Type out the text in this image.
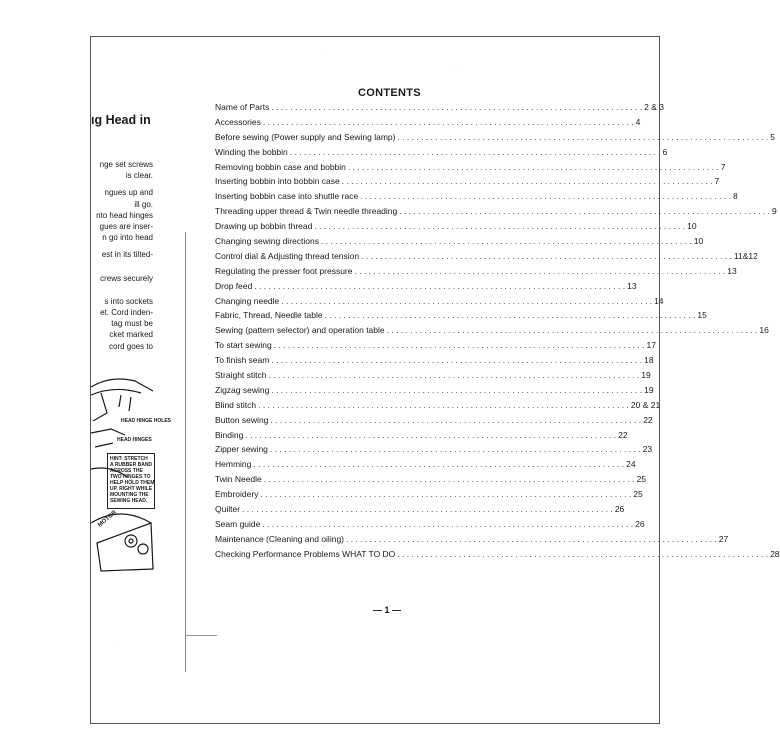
ıg Head in
nge set screws
is clear.
ngues up and
ill go.
nto head hinges
gues are inser-
n go into head
est in its tilted-
crews securely
s into sockets
et. Cord inden-
tag must be
cket marked
cord goes to
HEAD HINGE HOLES
HEAD HINGES
HINT: STRETCH
A RUBBER BAND
ACROSS THE
TWO HINGES TO
HELP HOLD THEM
UP. RIGHT WHILE
MOUNTING THE
SEWING HEAD.
MOTOR
CONTENTS
Name of Parts . . .	2 & 3
Accessories . . .	4
Before sewing (Power supply and Sewing lamp) . . .	5
Winding the bobbin . . .	6
Removing bobbin case and bobbin . . .	7
Inserting bobbin into bobbin case . . .	7
Inserting bobbin case into shuttle race . . .	8
Threading upper thread & Twin needle threading . . .	9
Drawing up bobbin thread . . .	10
Changing sewing directions . . .	10
Control dial & Adjusting thread tension . . .	11&12
Regulating the presser foot pressure . . .	13
Drop feed . . .	13
Changing needle . . .	14
Fabric, Thread, Needle table . . .	15
Sewing (pattern selector) and operation table . . .	16
To start sewing . . .	17
To finish seam . . .	18
Straight stitch . . .	19
Zigzag sewing . . .	19
Blind stitch . . .	20 & 21
Button sewing . . .	22
Binding . . .	22
Zipper sewing . . .	23
Hemming . . .	24
Twin Needle . . .	25
Embroidery . . .	25
Quilter . . .	26
Seam guide . . .	26
Maintenance (Cleaning and oiling) . . .	27
Checking Performance Problems WHAT TO DO . . .	28
— 1 —
·
·
·
